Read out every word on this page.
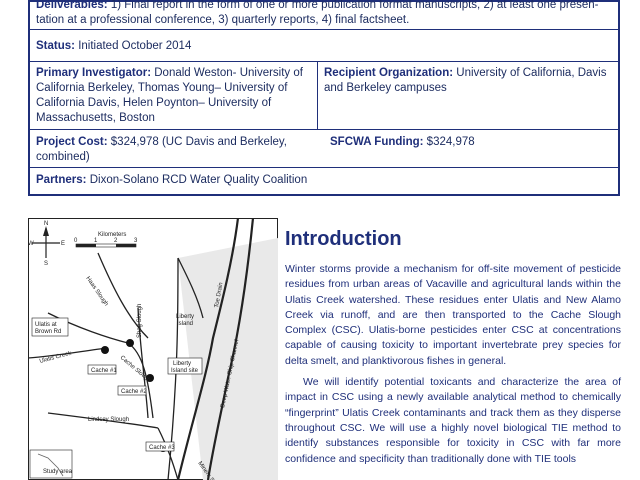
Deliverables: 1) Final report in the form of one or more publication format manuscripts, 2) at least one presen-
tation at a professional conference, 3) quarterly reports, 4) final factsheet.
Status: Initiated October 2014
Primary Investigator: Donald Weston- University of California Berkeley, Thomas Young– University of California Davis, Helen Poynton– University of Massachusetts, Boston
Recipient Organization: University of California, Davis and Berkeley campuses
Project Cost: $324,978 (UC Davis and Berkeley, combined)
SFCWA Funding: $324,978
Partners: Dixon-Solano RCD Water Quality Coalition
N
W	E
S
Kilometers
0	1	2	3
Haas Slough
Ulatis at
Brown Rd
Ulatis Creek	Cache Slough
Cache #1
Cache #2
Cache #3
Shag Slough	Liberty
Island
Liberty
Island site
Lindsey Slough
Toe Drain
Deep Water Ship Channel
Study area
Introduction

Winter storms provide a mechanism for off-site movement of pesticide residues from urban areas of Vacaville and agricultural lands within the Ulatis Creek watershed. These residues enter Ulatis and New Alamo Creek via runoff, and are then transported to the Cache Slough Complex (CSC). Ulatis-borne pesticides enter CSC at concentrations capable of causing toxicity to important invertebrate prey species for delta smelt, and planktivorous fishes in general.

We will identify potential toxicants and characterize the area of impact in CSC using a newly available analytical method to chemically “fingerprint” Ulatis Creek contaminants and track them as they disperse throughout CSC. We will use a highly novel biological TIE method to identify substances responsible for toxicity in CSC with far more confidence and specificity than traditionally done with TIE tools
